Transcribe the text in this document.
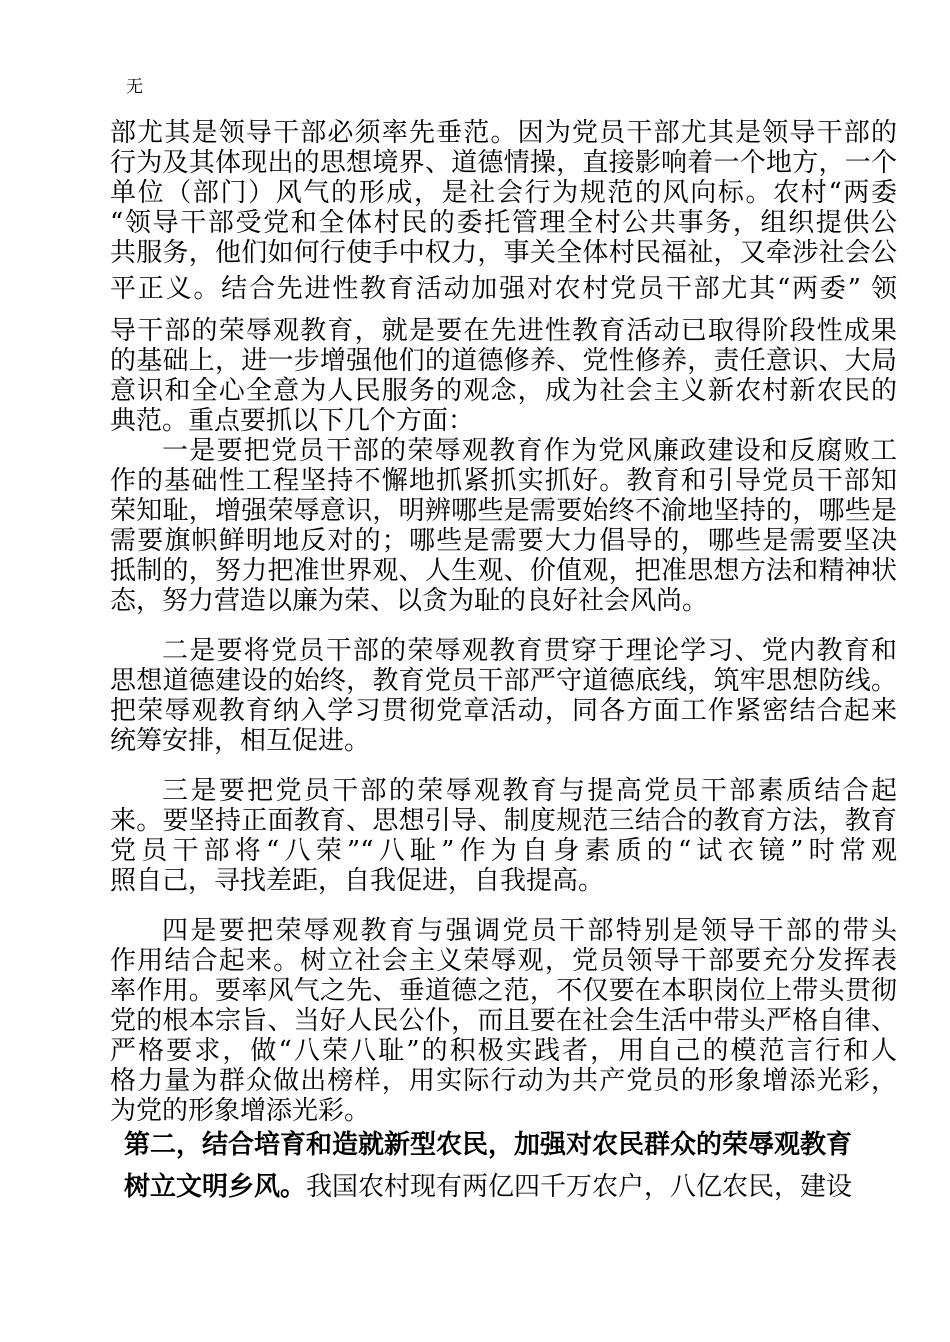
无
部尤其是领导干部必须率先垂范。因为党员干部尤其是领导干部的
行为及其体现出的思想境界、道德情操，直接影响着一个地方，一个
单位（部门）风气的形成，是社会行为规范的风向标。农村“两委
“领导干部受党和全体村民的委托管理全村公共事务，组织提供公
共服务，他们如何行使手中权力，事关全体村民福祉，又牵涉社会公
平正义。结合先进性教育活动加强对农村党员干部尤其“两委” 领
导干部的荣辱观教育，就是要在先进性教育活动已取得阶段性成果
的基础上，进一步增强他们的道德修养、党性修养，责任意识、大局
意识和全心全意为人民服务的观念，成为社会主义新农村新农民的
典范。重点要抓以下几个方面：
一是要把党员干部的荣辱观教育作为党风廉政建设和反腐败工
作的基础性工程坚持不懈地抓紧抓实抓好。教育和引导党员干部知
荣知耻，增强荣辱意识，明辨哪些是需要始终不渝地坚持的，哪些是
需要旗帜鲜明地反对的；哪些是需要大力倡导的，哪些是需要坚决
抵制的，努力把准世界观、人生观、价值观，把准思想方法和精神状
态，努力营造以廉为荣、以贪为耻的良好社会风尚。
二是要将党员干部的荣辱观教育贯穿于理论学习、党内教育和
思想道德建设的始终，教育党员干部严守道德底线，筑牢思想防线。
把荣辱观教育纳入学习贯彻党章活动，同各方面工作紧密结合起来
统筹安排，相互促进。
三是要把党员干部的荣辱观教育与提高党员干部素质结合起
来。要坚持正面教育、思想引导、制度规范三结合的教育方法，教育
党员干部将“八荣”“八耻”作为自身素质的“试衣镜”时常观
照自己，寻找差距，自我促进，自我提高。
四是要把荣辱观教育与强调党员干部特别是领导干部的带头
作用结合起来。树立社会主义荣辱观，党员领导干部要充分发挥表
率作用。要率风气之先、垂道德之范，不仅要在本职岗位上带头贯彻
党的根本宗旨、当好人民公仆，而且要在社会生活中带头严格自律、
严格要求，做“八荣八耻”的积极实践者，用自己的模范言行和人
格力量为群众做出榜样，用实际行动为共产党员的形象增添光彩，
为党的形象增添光彩。
第二，结合培育和造就新型农民，加强对农民群众的荣辱观教育
树立文明乡风。我国农村现有两亿四千万农户，八亿农民，建设
